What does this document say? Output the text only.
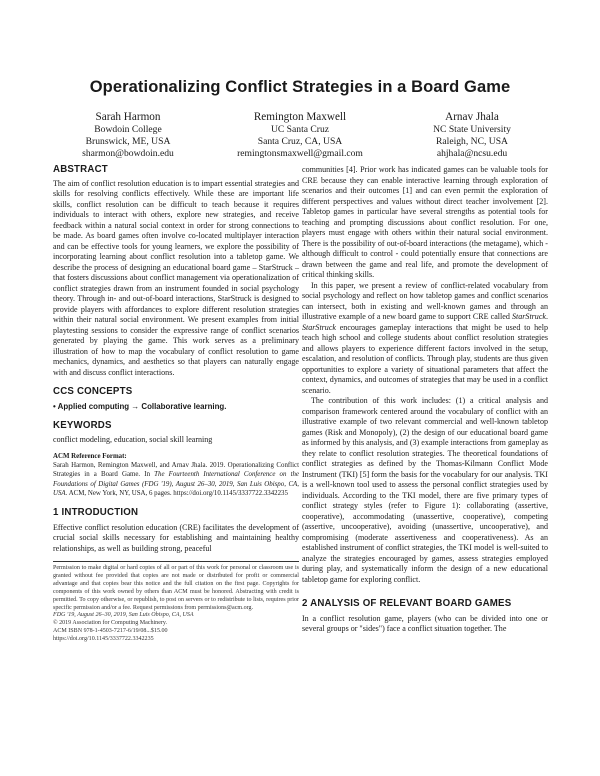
Operationalizing Conflict Strategies in a Board Game
Sarah Harmon
Bowdoin College
Brunswick, ME, USA
sharmon@bowdoin.edu
Remington Maxwell
UC Santa Cruz
Santa Cruz, CA, USA
remingtonsmaxwell@gmail.com
Arnav Jhala
NC State University
Raleigh, NC, USA
ahjhala@ncsu.edu
ABSTRACT

The aim of conflict resolution education is to impart essential strategies and skills for resolving conflicts effectively. While these are important life skills, conflict resolution can be difficult to teach because it requires individuals to interact with others, explore new strategies, and receive feedback within a natural social context in order for strong connections to be made. As board games often involve co-located multiplayer interaction and can be effective tools for young learners, we explore the possibility of incorporating learning about conflict resolution into a tabletop game. We describe the process of designing an educational board game – StarStruck – that fosters discussions about conflict management via operationalization of conflict strategies drawn from an instrument founded in social psychology theory. Through in- and out-of-board interactions, StarStruck is designed to provide players with affordances to explore different resolution strategies within their natural social environment. We present examples from initial playtesting sessions to consider the expressive range of conflict scenarios generated by playing the game. This work serves as a preliminary illustration of how to map the vocabulary of conflict resolution to game mechanics, dynamics, and aesthetics so that players can naturally engage with and discuss conflict interactions.

CCS CONCEPTS
• Applied computing → Collaborative learning.
KEYWORDS
conflict modeling, education, social skill learning
ACM Reference Format:

Sarah Harmon, Remington Maxwell, and Arnav Jhala. 2019. Operationalizing Conflict Strategies in a Board Game. In The Fourteenth International Conference on the Foundations of Digital Games (FDG '19), August 26–30, 2019, San Luis Obispo, CA, USA. ACM, New York, NY, USA, 6 pages. https://doi.org/10.1145/3337722.3342235

1 INTRODUCTION

Effective conflict resolution education (CRE) facilitates the development of crucial social skills necessary for establishing and maintaining healthy relationships, as well as building strong, peaceful

Permission to make digital or hard copies of all or part of this work for personal or classroom use is granted without fee provided that copies are not made or distributed for profit or commercial advantage and that copies bear this notice and the full citation on the first page. Copyrights for components of this work owned by others than ACM must be honored. Abstracting with credit is permitted. To copy otherwise, or republish, to post on servers or to redistribute to lists, requires prior specific permission and/or a fee. Request permissions from permissions@acm.org.
FDG '19, August 26–30, 2019, San Luis Obispo, CA, USA
© 2019 Association for Computing Machinery.
ACM ISBN 978-1-4503-7217-6/19/08...$15.00
https://doi.org/10.1145/3337722.3342235

communities [4]. Prior work has indicated games can be valuable tools for CRE because they can enable interactive learning through exploration of scenarios and their outcomes [1] and can even permit the exploration of different perspectives and values without direct teacher involvement [2]. Tabletop games in particular have several strengths as potential tools for teaching and prompting discussions about conflict resolution. For one, players must engage with others within their natural social environment. There is the possibility of out-of-board interactions (the metagame), which - although difficult to control - could potentially ensure that connections are drawn between the game and real life, and promote the development of critical thinking skills.

In this paper, we present a review of conflict-related vocabulary from social psychology and reflect on how tabletop games and conflict scenarios can intersect, both in existing and well-known games and through an illustrative example of a new board game to support CRE called StarStruck. StarStruck encourages gameplay interactions that might be used to help teach high school and college students about conflict resolution strategies and allows players to experience different factors involved in the setup, escalation, and resolution of conflicts. Through play, students are thus given opportunities to explore a variety of situational parameters that affect the context, dynamics, and outcomes of strategies that may be used in a conflict scenario.

The contribution of this work includes: (1) a critical analysis and comparison framework centered around the vocabulary of conflict with an illustrative example of two relevant commercial and well-known tabletop games (Risk and Monopoly), (2) the design of our educational board game as informed by this analysis, and (3) example interactions from gameplay as they relate to conflict resolution strategies. The theoretical foundations of conflict strategies as defined by the Thomas-Kilmann Conflict Mode Instrument (TKI) [5] form the basis for the vocabulary for our analysis. TKI is a well-known tool used to assess the personal conflict strategies used by individuals. According to the TKI model, there are five primary types of conflict strategy styles (refer to Figure 1): collaborating (assertive, cooperative), accommodating (unassertive, cooperative), competing (assertive, uncooperative), avoiding (unassertive, uncooperative), and compromising (moderate assertiveness and cooperativeness). As an established instrument of conflict strategies, the TKI model is well-suited to analyze the strategies encouraged by games, assess strategies employed during play, and systematically inform the design of a new educational tabletop game for exploring conflict.

2 ANALYSIS OF RELEVANT BOARD GAMES

In a conflict resolution game, players (who can be divided into one or several groups or "sides") face a conflict situation together. The
